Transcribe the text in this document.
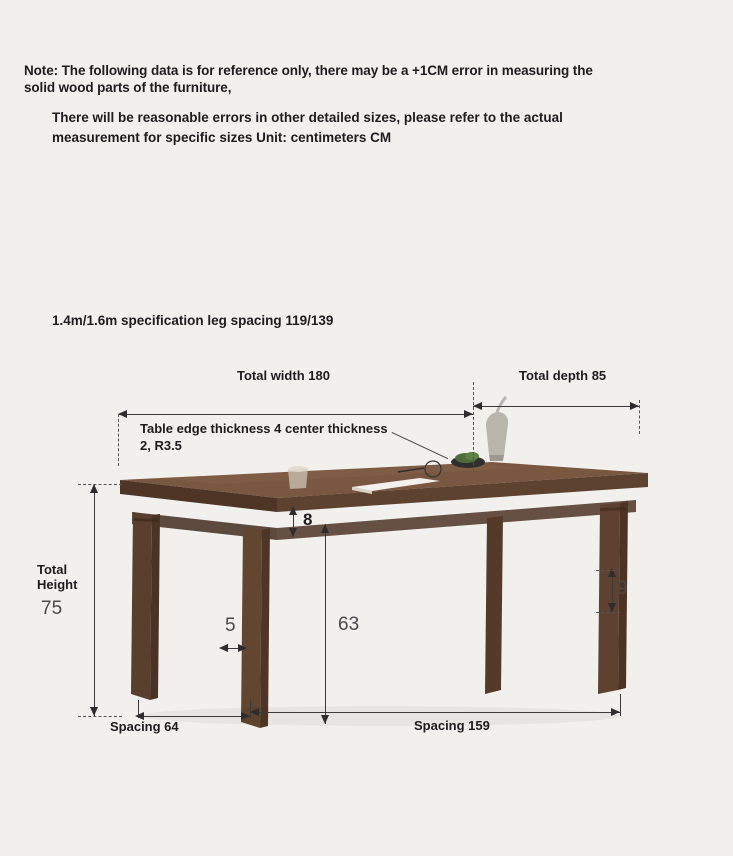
Note: The following data is for reference only, there may be a +1CM error in measuring the
solid wood parts of the furniture,
There will be reasonable errors in other detailed sizes, please refer to the actual measurement for specific sizes Unit: centimeters CM
1.4m/1.6m specification leg spacing 119/139
Total width 180	Total depth 85
Table edge thickness 4 center thickness 2, R3.5
Total
Height
75
8
5	63
9
Spacing 64	Spacing 159
